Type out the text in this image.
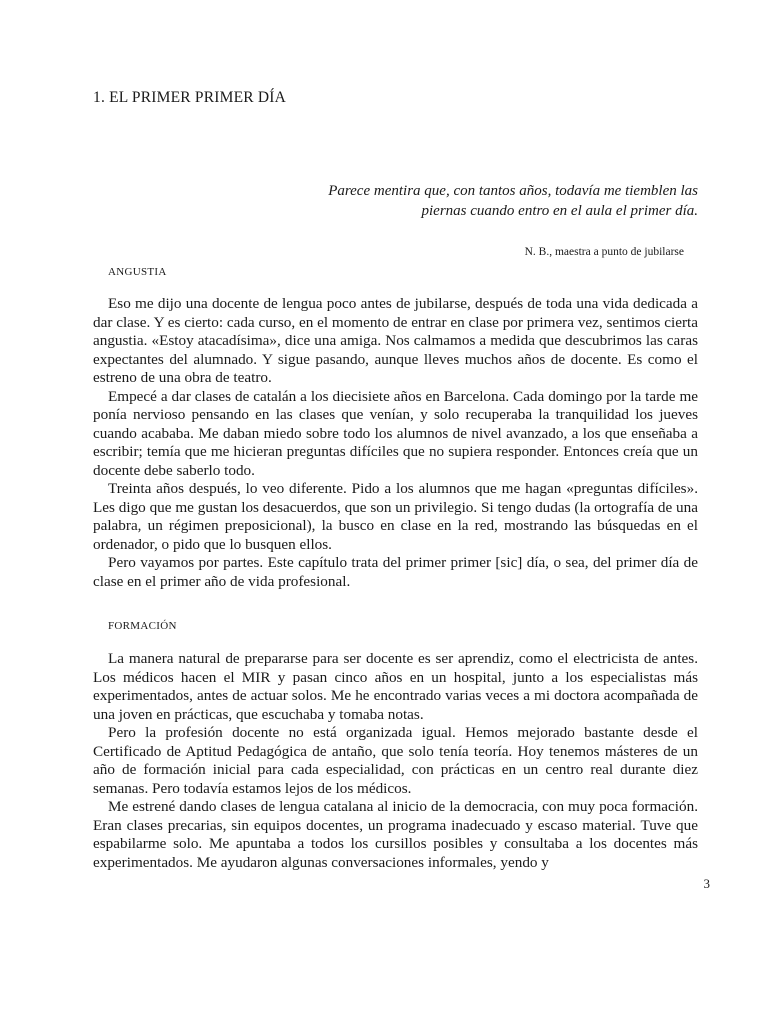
1. EL PRIMER PRIMER DÍA
Parece mentira que, con tantos años, todavía me tiemblen las
piernas cuando entro en el aula el primer día.
N. B., maestra a punto de jubilarse
ANGUSTIA

Eso me dijo una docente de lengua poco antes de jubilarse, después de toda una vida dedicada a dar clase. Y es cierto: cada curso, en el momento de entrar en clase por primera vez, sentimos cierta angustia. «Estoy atacadísima», dice una amiga. Nos calmamos a medida que descubrimos las caras expectantes del alumnado. Y sigue pasando, aunque lleves muchos años de docente. Es como el estreno de una obra de teatro.

Empecé a dar clases de catalán a los diecisiete años en Barcelona. Cada domingo por la tarde me ponía nervioso pensando en las clases que venían, y solo recuperaba la tranquilidad los jueves cuando acababa. Me daban miedo sobre todo los alumnos de nivel avanzado, a los que enseñaba a escribir; temía que me hicieran preguntas difíciles que no supiera responder. Entonces creía que un docente debe saberlo todo.

Treinta años después, lo veo diferente. Pido a los alumnos que me hagan «preguntas difíciles». Les digo que me gustan los desacuerdos, que son un privilegio. Si tengo dudas (la ortografía de una palabra, un régimen preposicional), la busco en clase en la red, mostrando las búsquedas en el ordenador, o pido que lo busquen ellos.

Pero vayamos por partes. Este capítulo trata del primer primer [sic] día, o sea, del primer día de clase en el primer año de vida profesional.

FORMACIÓN

La manera natural de prepararse para ser docente es ser aprendiz, como el electricista de antes. Los médicos hacen el MIR y pasan cinco años en un hospital, junto a los especialistas más experimentados, antes de actuar solos. Me he encontrado varias veces a mi doctora acompañada de una joven en prácticas, que escuchaba y tomaba notas.

Pero la profesión docente no está organizada igual. Hemos mejorado bastante desde el Certificado de Aptitud Pedagógica de antaño, que solo tenía teoría. Hoy tenemos másteres de un año de formación inicial para cada especialidad, con prácticas en un centro real durante diez semanas. Pero todavía estamos lejos de los médicos.

Me estrené dando clases de lengua catalana al inicio de la democracia, con muy poca formación. Eran clases precarias, sin equipos docentes, un programa inadecuado y escaso material. Tuve que espabilarme solo. Me apuntaba a todos los cursillos posibles y consultaba a los docentes más experimentados. Me ayudaron algunas conversaciones informales, yendo y

3
